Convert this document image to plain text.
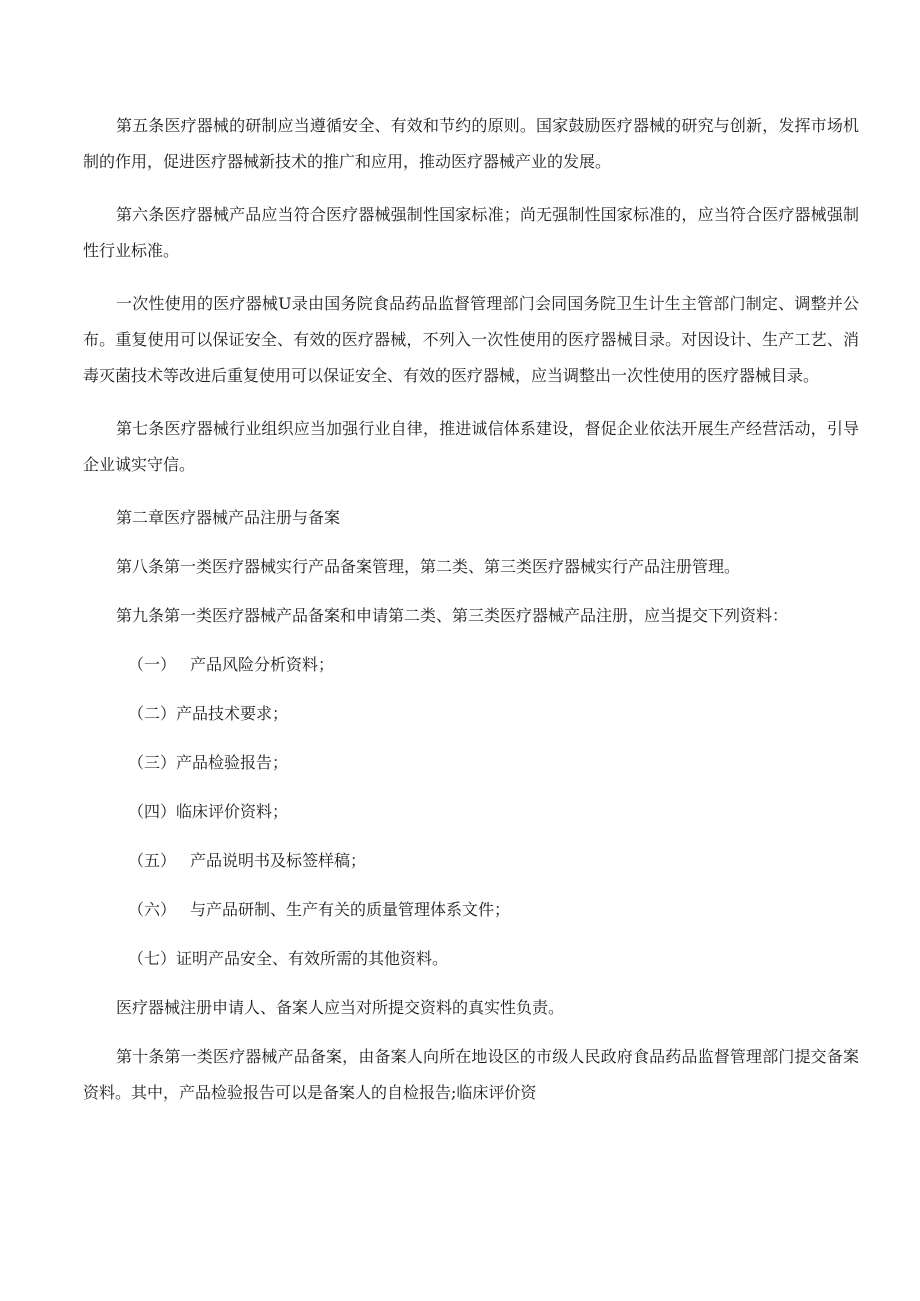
第五条医疗器械的研制应当遵循安全、有效和节约的原则。国家鼓励医疗器械的研究与创新，发挥市场机制的作用，促进医疗器械新技术的推广和应用，推动医疗器械产业的发展。

第六条医疗器械产品应当符合医疗器械强制性国家标准；尚无强制性国家标准的，应当符合医疗器械强制性行业标准。

一次性使用的医疗器械U录由国务院食品药品监督管理部门会同国务院卫生计生主管部门制定、调整并公布。重复使用可以保证安全、有效的医疗器械，不列入一次性使用的医疗器械目录。对因设计、生产工艺、消毒灭菌技术等改进后重复使用可以保证安全、有效的医疗器械，应当调整出一次性使用的医疗器械目录。

第七条医疗器械行业组织应当加强行业自律，推进诚信体系建设，督促企业依法开展生产经营活动，引导企业诚实守信。

第二章医疗器械产品注册与备案

第八条第一类医疗器械实行产品备案管理，第二类、第三类医疗器械实行产品注册管理。

第九条第一类医疗器械产品备案和申请第二类、第三类医疗器械产品注册，应当提交下列资料：

（一） 产品风险分析资料；
（二）产品技术要求；
（三）产品检验报告；
（四）临床评价资料；
（五） 产品说明书及标签样稿；
（六） 与产品研制、生产有关的质量管理体系文件；
（七）证明产品安全、有效所需的其他资料。

医疗器械注册申请人、备案人应当对所提交资料的真实性负责。

第十条第一类医疗器械产品备案，由备案人向所在地设区的市级人民政府食品药品监督管理部门提交备案资料。其中，产品检验报告可以是备案人的自检报告;临床评价资
